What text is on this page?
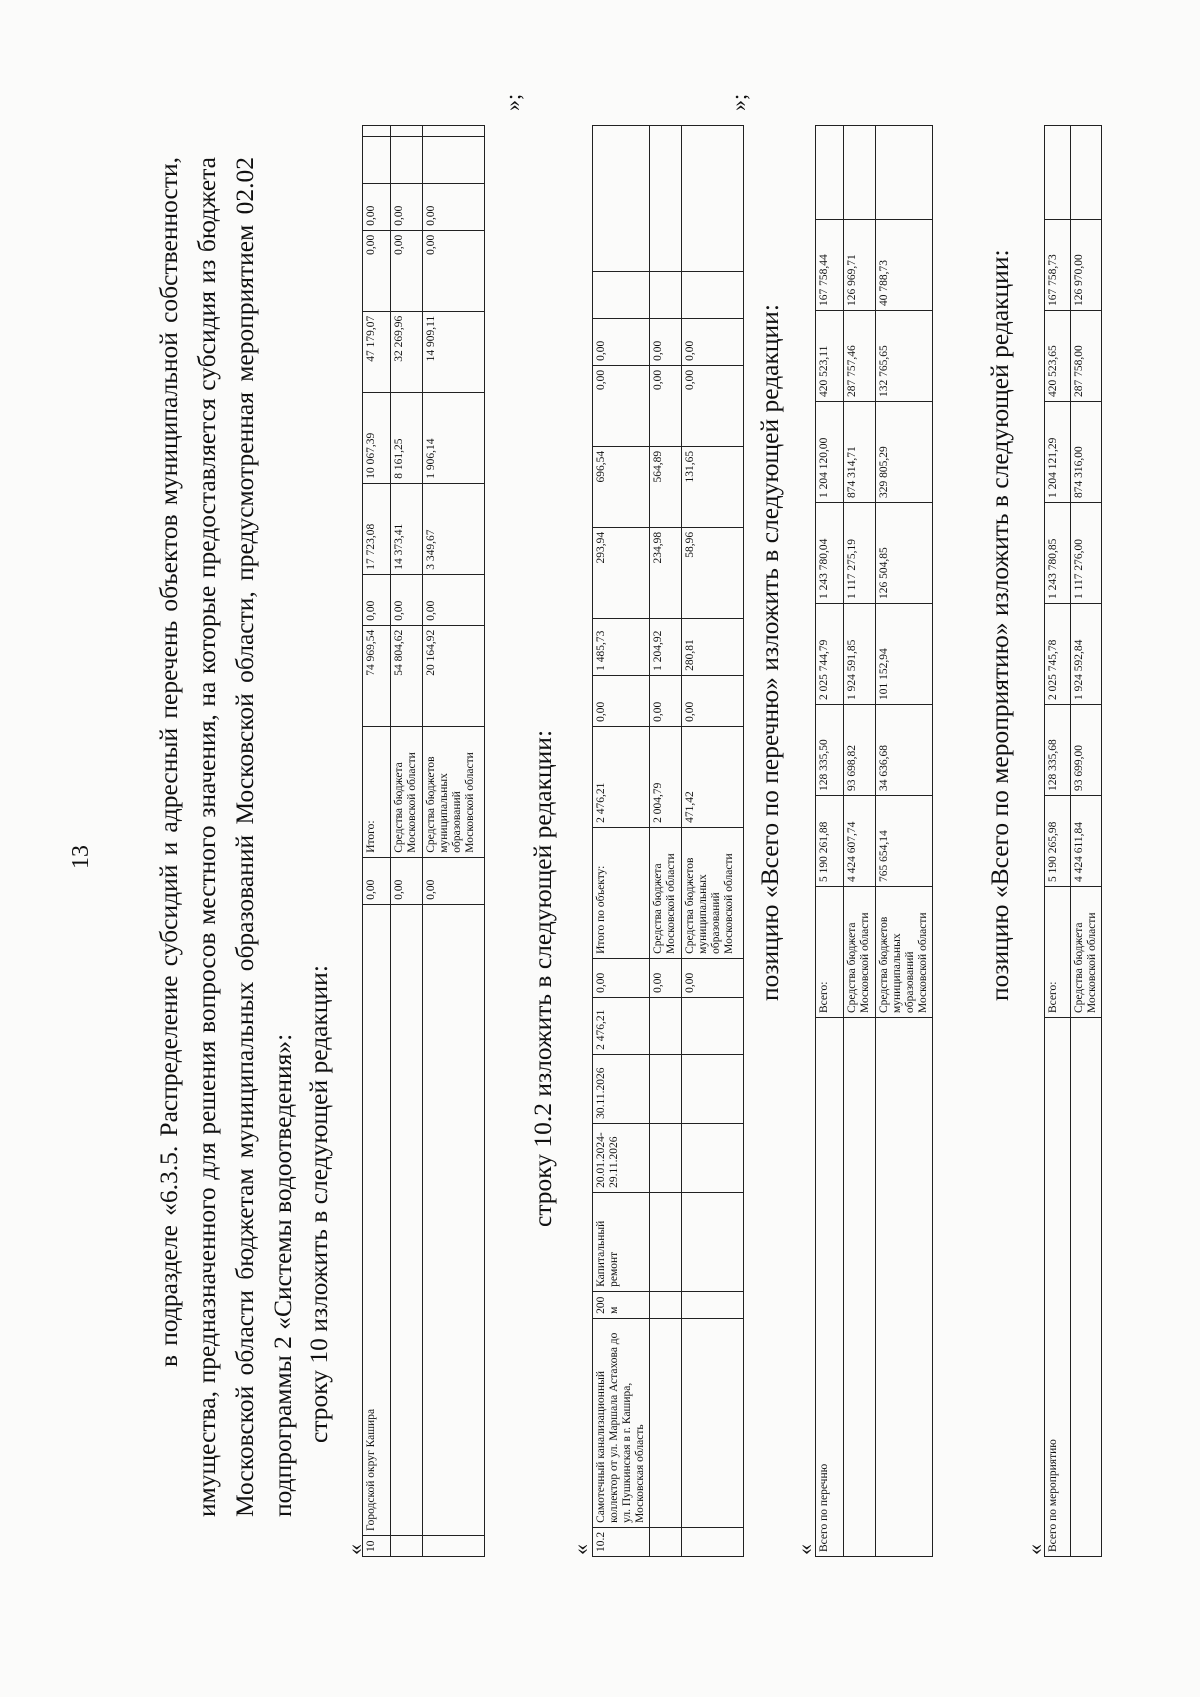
13 в подразделе «6.3.5. Распределение субсидий и адресный перечень объектов муниципальной собственности, имущества, предназначенного для решения вопросов местного значения, на которые предоставляется субсидия из бюджета Московской области бюджетам муниципальных образований Московской области, предусмотренная мероприятием 02.02 подпрограммы 2 «Системы водоотведения»: строку 10 изложить в следующей редакции:
«
10	Городской округ Кашира	0,00	Итого:	74 969,54	0,00	17 723,08	10 067,39	47 179,07	0,00	0,00		
		0,00	Средства бюджета Московской области	54 804,62	0,00	14 373,41	8 161,25	32 269,96	0,00	0,00		
		0,00	Средства бюджетов муниципальных образований Московской области	20 164,92	0,00	3 349,67	1 906,14	14 909,11	0,00	0,00		
»;
строку 10.2 изложить в следующей редакции:
« 10.2	Самотечный канализационный коллектор от ул. Маршала Астахова до ул. Пушкинская в г. Кашира, Московская область	200 м	Капитальный ремонт	20.01.2024-29.11.2026	30.11.2026	2 476,21	0,00	Итого по объекту:	2 476,21	0,00	1 485,73	293,94	696,54	0,00	0,00		
							0,00	Средства бюджета Московской области	2 004,79	0,00	1 204,92	234,98	564,89	0,00	0,00		
							0,00	Средства бюджетов муниципальных образований Московской области	471,42	0,00	280,81	58,96	131,65	0,00	0,00		
»;
позицию «Всего по перечню» изложить в следующей редакции:
« Всего по перечню	Всего:	5 190 261,88	128 335,50	2 025 744,79	1 243 780,04	1 204 120,00	420 523,11	167 758,44	
	Средства бюджета Московской области	4 424 607,74	93 698,82	1 924 591,85	1 117 275,19	874 314,71	287 757,46	126 969,71	
	Средства бюджетов муниципальных образований Московской области	765 654,14	34 636,68	101 152,94	126 504,85	329 805,29	132 765,65	40 788,73		позицию «Всего по мероприятию» изложить в следующей редакции:
« Всего по мероприятию	Всего:	5 190 265,98	128 335,68	2 025 745,78	1 243 780,85	1 204 121,29	420 523,65	167 758,73	
	Средства бюджета Московской области	4 424 611,84	93 699,00	1 924 592,84	1 117 276,00	874 316,00	287 758,00	126 970,00	
